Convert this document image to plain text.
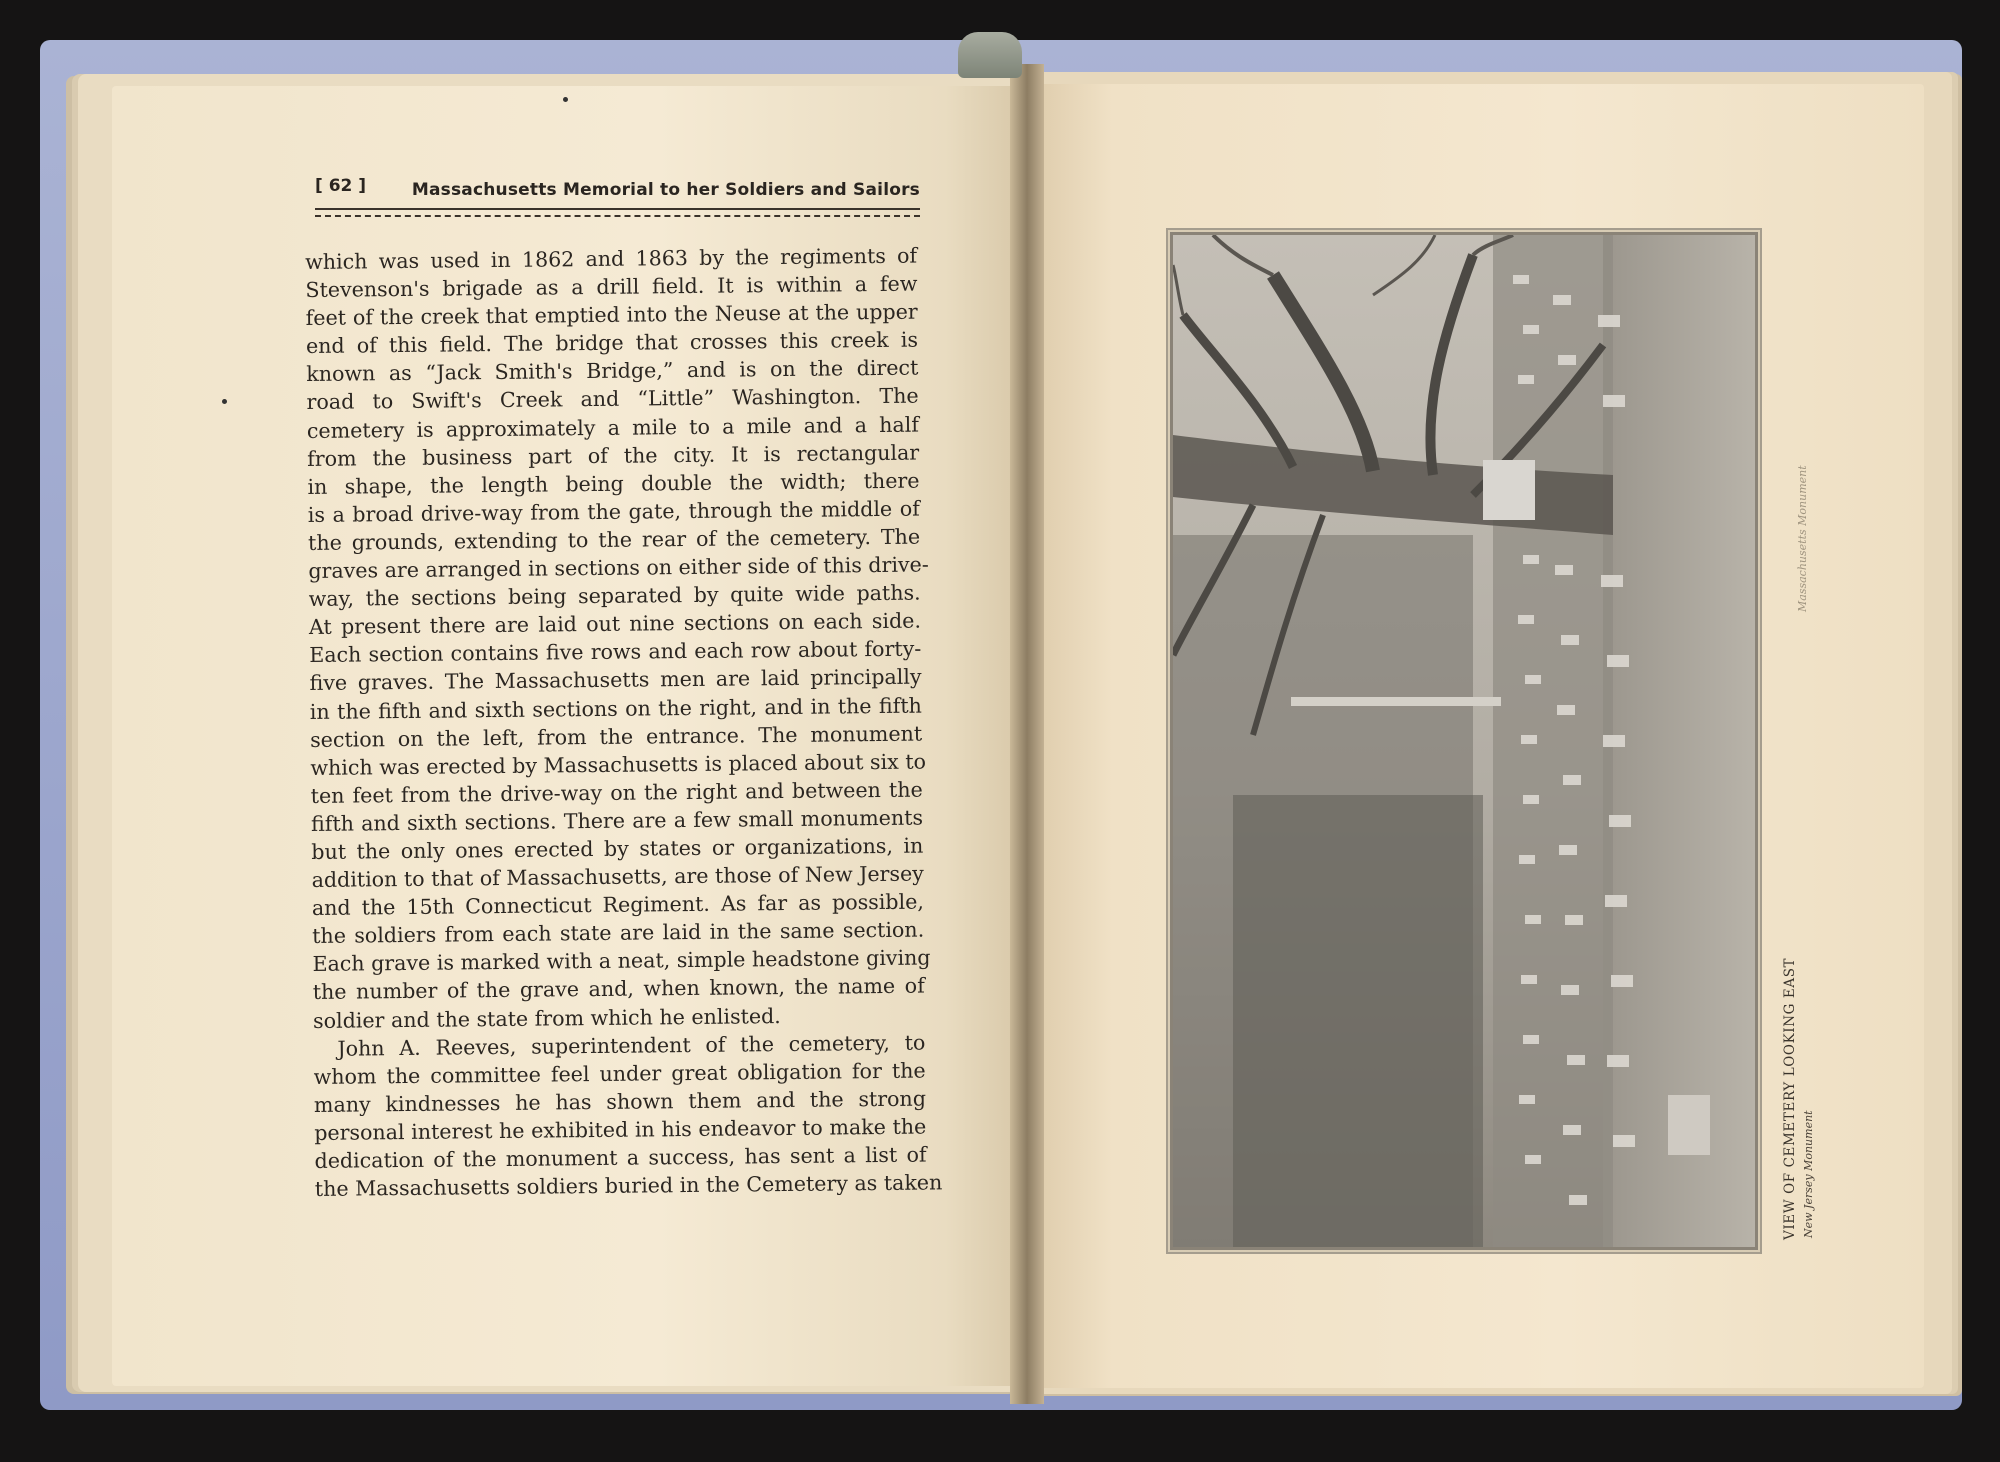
[ 62 ]	Massachusetts Memorial to her Soldiers and Sailors
which was used in 1862 and 1863 by the regiments of
Stevenson's brigade as a drill field. It is within a few
feet of the creek that emptied into the Neuse at the upper
end of this field. The bridge that crosses this creek is
known as “Jack Smith's Bridge,” and is on the direct
road to Swift's Creek and “Little” Washington. The
cemetery is approximately a mile to a mile and a half
from the business part of the city. It is rectangular
in shape, the length being double the width; there
is a broad drive-way from the gate, through the middle of
the grounds, extending to the rear of the cemetery. The
graves are arranged in sections on either side of this drive-
way, the sections being separated by quite wide paths.
At present there are laid out nine sections on each side.
Each section contains five rows and each row about forty-
five graves. The Massachusetts men are laid principally
in the fifth and sixth sections on the right, and in the fifth
section on the left, from the entrance. The monument
which was erected by Massachusetts is placed about six to
ten feet from the drive-way on the right and between the
fifth and sixth sections. There are a few small monuments
but the only ones erected by states or organizations, in
addition to that of Massachusetts, are those of New Jersey
and the 15th Connecticut Regiment. As far as possible,
the soldiers from each state are laid in the same section.
Each grave is marked with a neat, simple headstone giving
the number of the grave and, when known, the name of
soldier and the state from which he enlisted.
John A. Reeves, superintendent of the cemetery, to
whom the committee feel under great obligation for the
many kindnesses he has shown them and the strong
personal interest he exhibited in his endeavor to make the
dedication of the monument a success, has sent a list of
the Massachusetts soldiers buried in the Cemetery as taken	VIEW OF CEMETERY LOOKING EAST New Jersey Monument
Massachusetts Monument
